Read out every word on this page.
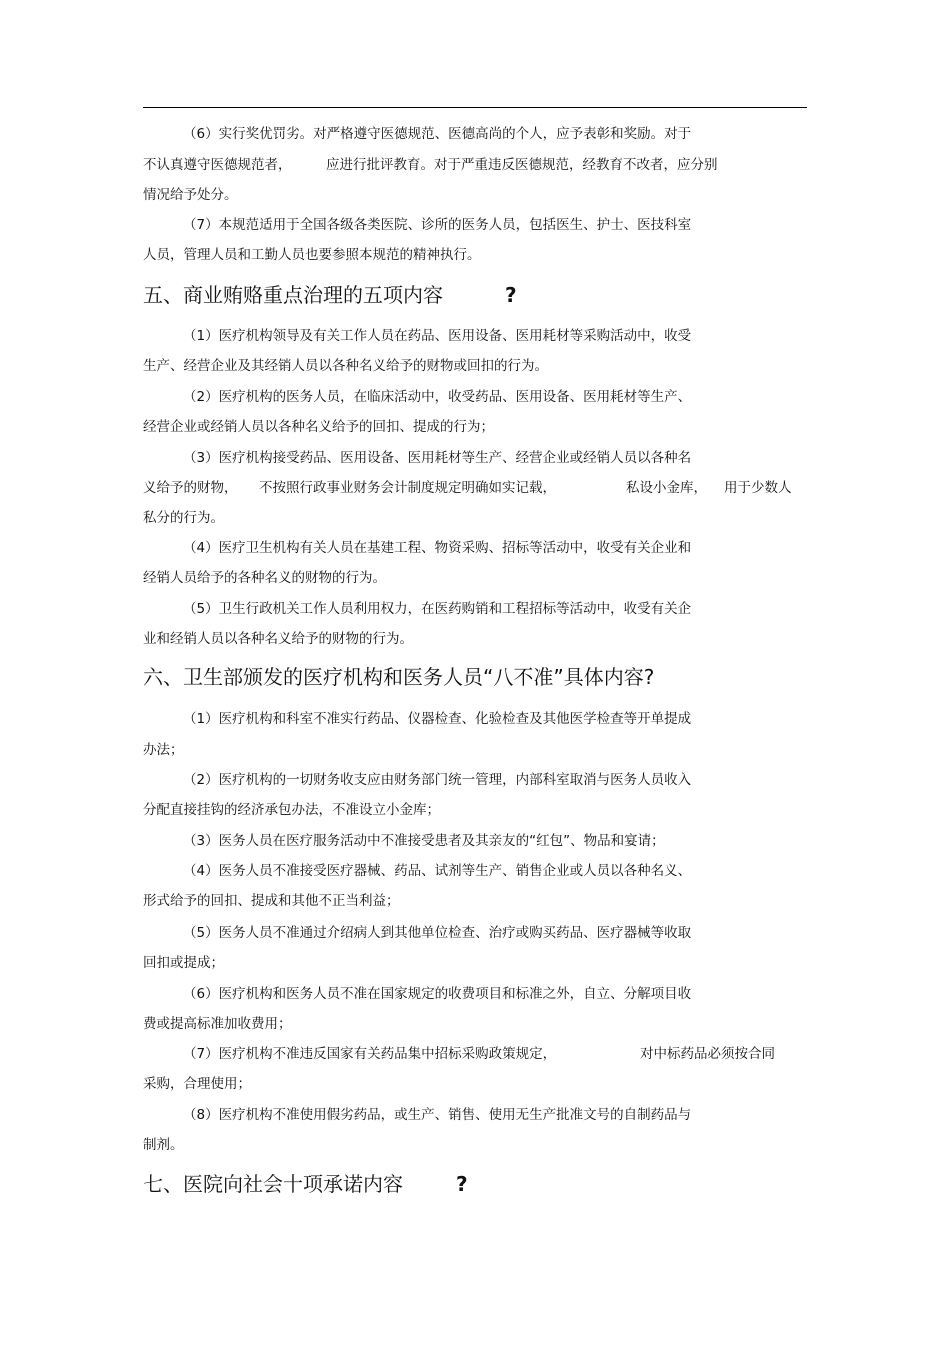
（6）实行奖优罚劣。对严格遵守医德规范、医德高尚的个人，应予表彰和奖励。对于
不认真遵守医德规范者，	应进行批评教育。对于严重违反医德规范，经教育不改者，应分别
情况给予处分。
（7）本规范适用于全国各级各类医院、诊所的医务人员，包括医生、护士、医技科室
人员，管理人员和工勤人员也要参照本规范的精神执行。
五、商业贿赂重点治理的五项内容	?
（1）医疗机构领导及有关工作人员在药品、医用设备、医用耗材等采购活动中，收受
生产、经营企业及其经销人员以各种名义给予的财物或回扣的行为。
（2）医疗机构的医务人员，在临床活动中，收受药品、医用设备、医用耗材等生产、
经营企业或经销人员以各种名义给予的回扣、提成的行为；
（3）医疗机构接受药品、医用设备、医用耗材等生产、经营企业或经销人员以各种名
义给予的财物， 不按照行政事业财务会计制度规定明确如实记载，	私设小金库， 用于少数人
私分的行为。
（4）医疗卫生机构有关人员在基建工程、物资采购、招标等活动中，收受有关企业和
经销人员给予的各种名义的财物的行为。
（5）卫生行政机关工作人员利用权力，在医药购销和工程招标等活动中，收受有关企
业和经销人员以各种名义给予的财物的行为。
六、卫生部颁发的医疗机构和医务人员“八不准”具体内容?
（1）医疗机构和科室不准实行药品、仪器检查、化验检查及其他医学检查等开单提成
办法；
（2）医疗机构的一切财务收支应由财务部门统一管理，内部科室取消与医务人员收入
分配直接挂钩的经济承包办法，不准设立小金库；
（3）医务人员在医疗服务活动中不准接受患者及其亲友的“红包”、物品和宴请；
（4）医务人员不准接受医疗器械、药品、试剂等生产、销售企业或人员以各种名义、
形式给予的回扣、提成和其他不正当利益；
（5）医务人员不准通过介绍病人到其他单位检查、治疗或购买药品、医疗器械等收取
回扣或提成；
（6）医疗机构和医务人员不准在国家规定的收费项目和标准之外，自立、分解项目收
费或提高标准加收费用；
（7）医疗机构不准违反国家有关药品集中招标采购政策规定，	对中标药品必须按合同
采购，合理使用；
（8）医疗机构不准使用假劣药品，或生产、销售、使用无生产批准文号的自制药品与
制剂。
七、医院向社会十项承诺内容	?
